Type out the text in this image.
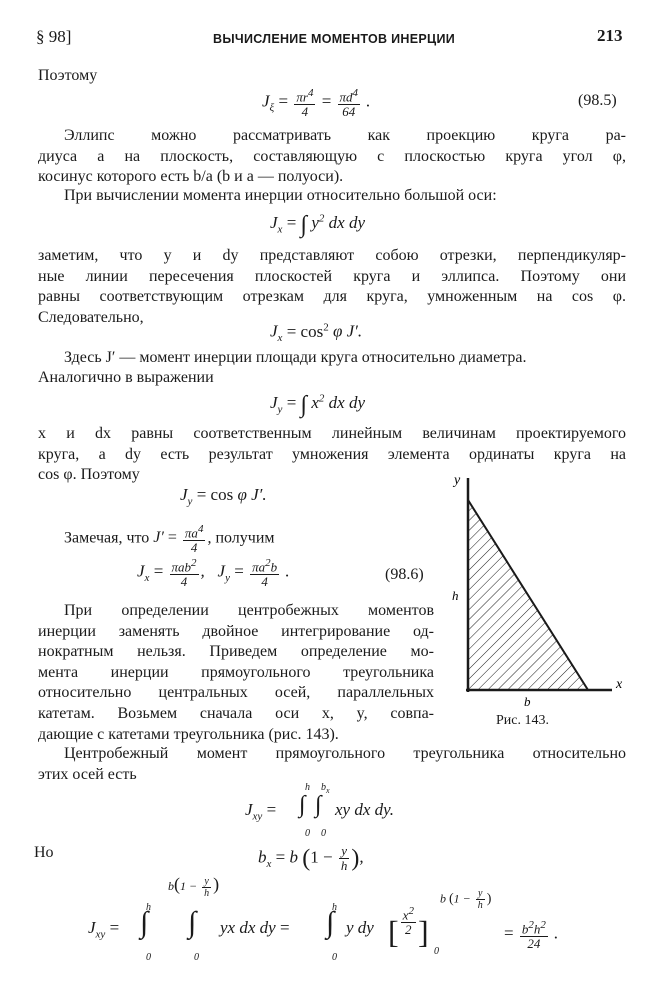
§ 98]	ВЫЧИСЛЕНИЕ МОМЕНТОВ ИНЕРЦИИ	213
Поэтому
$J_\xi = \frac{\pi r^4}{4} = \frac{\pi d^4}{64}$ .	(98.5)
Эллипс можно рассматривать как проекцию круга ра-
диуса a на плоскость, составляющую с плоскостью круга угол φ,
косинус которого есть b/a (b и a — полуоси).
При вычислении момента инерции относительно большой оси:
$J_x$ = ∫ $y^2$ dx dy
заметим, что y и dy представляют собою отрезки, перпендикуляр-
ные линии пересечения плоскостей круга и эллипса. Поэтому они
равны соответствующим отрезкам для круга, умноженным на cos φ.
Следовательно,
$J_x = \cos^2 \varphi$ J′.
Здесь J′ — момент инерции площади круга относительно диаметра.
Аналогично в выражении
$J_y$ = ∫ $x^2$ dx dy
x и dx равны соответственным линейным величинам проектируемого
круга, а dy есть результат умножения элемента ординаты круга на
cos φ. Поэтому
$J_y = \cos \varphi$ J′.
Замечая, что $J' = \frac{\pi a^4}{4}$ , получим
$J_x = \frac{\pi ab^2}{4}$ ,   $J_y = \frac{\pi a^2b}{4}$ .	(98.6)
При определении центробежных моментов
инерции заменять двойное интегрирование од-
нократным нельзя. Приведем определение мо-
мента инерции прямоугольного треугольника
относительно центральных осей, параллельных
катетам. Возьмем сначала оси x, y, совпа-
дающие с катетами треугольника (рис. 143).
y
x
h
b
Рис. 143.
Центробежный момент прямоугольного треугольника относительно
этих осей есть
$J_{xy}$ = ∫
h
0
∫
$b_x$
0
xy dx dy.
Но	$b_x = b$ ($1 - \frac{y}{h}$ ),
$J_{xy}$ = ∫
h
0
∫
$b(1 - \frac{y}{h}$ )
0
yx dx dy = ∫
h
0
y dy [ $\frac{x^2}{2}$ ]
b ($1 - \frac{y}{h}$ )
0
= $\frac{b^2h^2}{24}$ .
